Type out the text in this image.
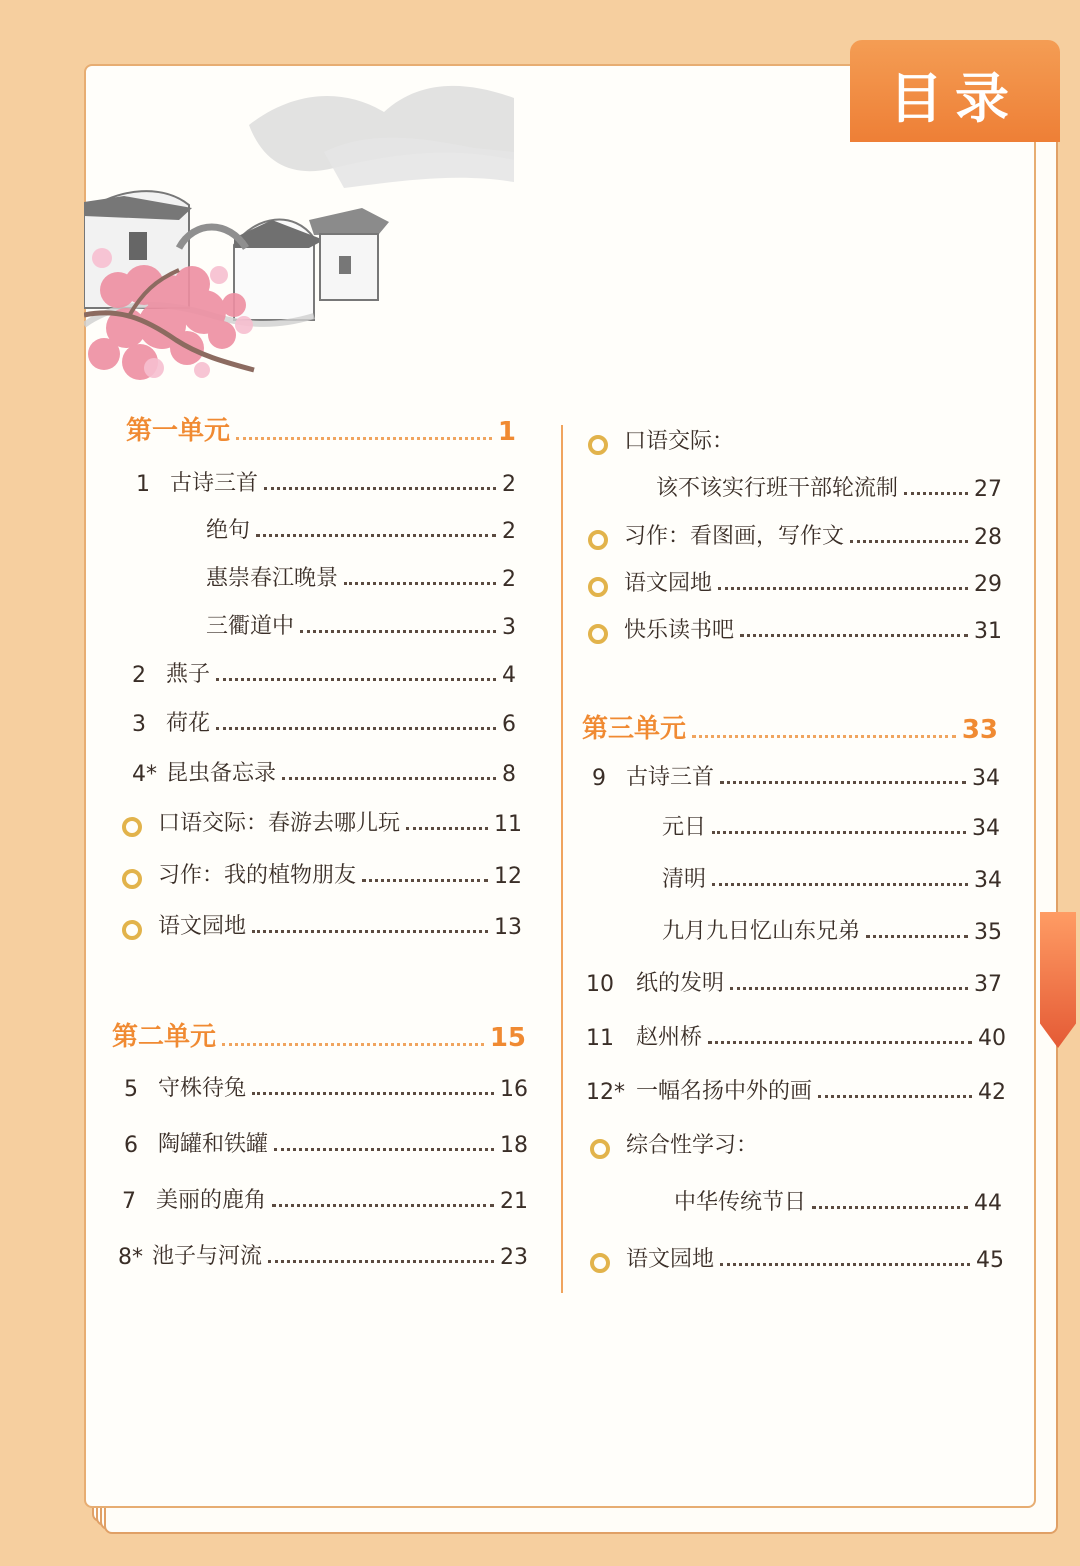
目录
第一单元	1
1 古诗三首	2
绝句	2
惠崇春江晚景	2
三衢道中	3
2 燕子	4
3 荷花	6
4* 昆虫备忘录	8
口语交际：春游去哪儿玩	11
习作：我的植物朋友	12
语文园地	13
第二单元	15
5 守株待兔	16
6 陶罐和铁罐	18
7 美丽的鹿角	21
8* 池子与河流	23
口语交际：
该不该实行班干部轮流制	27
习作：看图画，写作文	28
语文园地	29
快乐读书吧	31
第三单元	33
9 古诗三首	34
元日	34
清明	34
九月九日忆山东兄弟	35
10	纸的发明	37
11	赵州桥	40
12* 一幅名扬中外的画	42
综合性学习：
中华传统节日	44
语文园地	45
